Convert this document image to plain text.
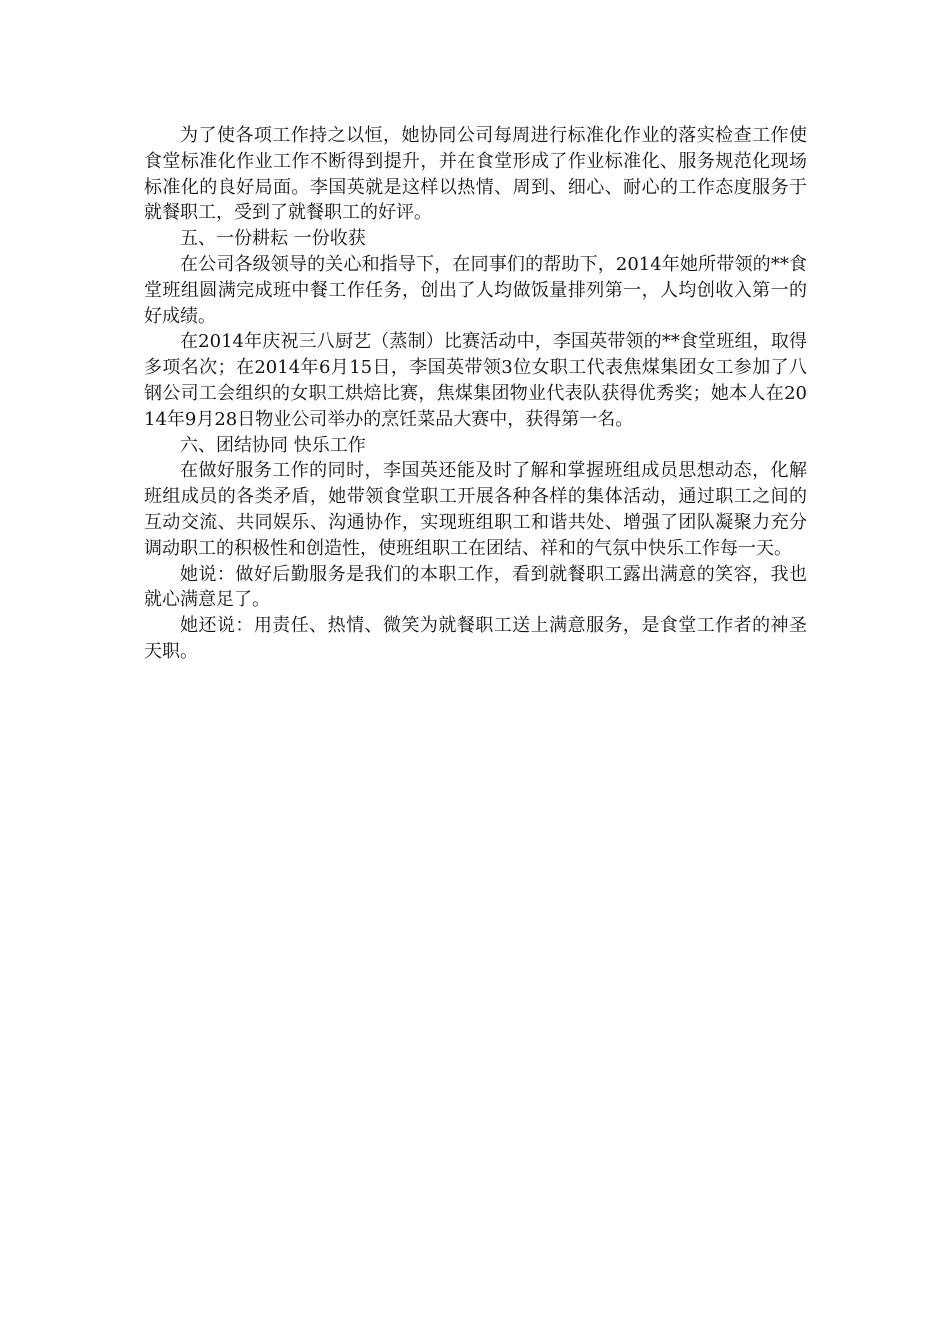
为了使各项工作持之以恒，她协同公司每周进行标准化作业的落实检查工作使食堂标准化作业工作不断得到提升，并在食堂形成了作业标准化、服务规范化现场标准化的良好局面。李国英就是这样以热情、周到、细心、耐心的工作态度服务于就餐职工，受到了就餐职工的好评。

五、一份耕耘 一份收获

在公司各级领导的关心和指导下，在同事们的帮助下，2014年她所带领的**食堂班组圆满完成班中餐工作任务，创出了人均做饭量排列第一，人均创收入第一的好成绩。

在2014年庆祝三八厨艺（蒸制）比赛活动中，李国英带领的**食堂班组，取得多项名次；在2014年6月15日，李国英带领3位女职工代表焦煤集团女工参加了八钢公司工会组织的女职工烘焙比赛，焦煤集团物业代表队获得优秀奖；她本人在2014年9月28日物业公司举办的烹饪菜品大赛中，获得第一名。

六、团结协同 快乐工作

在做好服务工作的同时，李国英还能及时了解和掌握班组成员思想动态，化解班组成员的各类矛盾，她带领食堂职工开展各种各样的集体活动，通过职工之间的互动交流、共同娱乐、沟通协作，实现班组职工和谐共处、增强了团队凝聚力充分调动职工的积极性和创造性，使班组职工在团结、祥和的气氛中快乐工作每一天。

她说：做好后勤服务是我们的本职工作，看到就餐职工露出满意的笑容，我也就心满意足了。

她还说：用责任、热情、微笑为就餐职工送上满意服务，是食堂工作者的神圣天职。
